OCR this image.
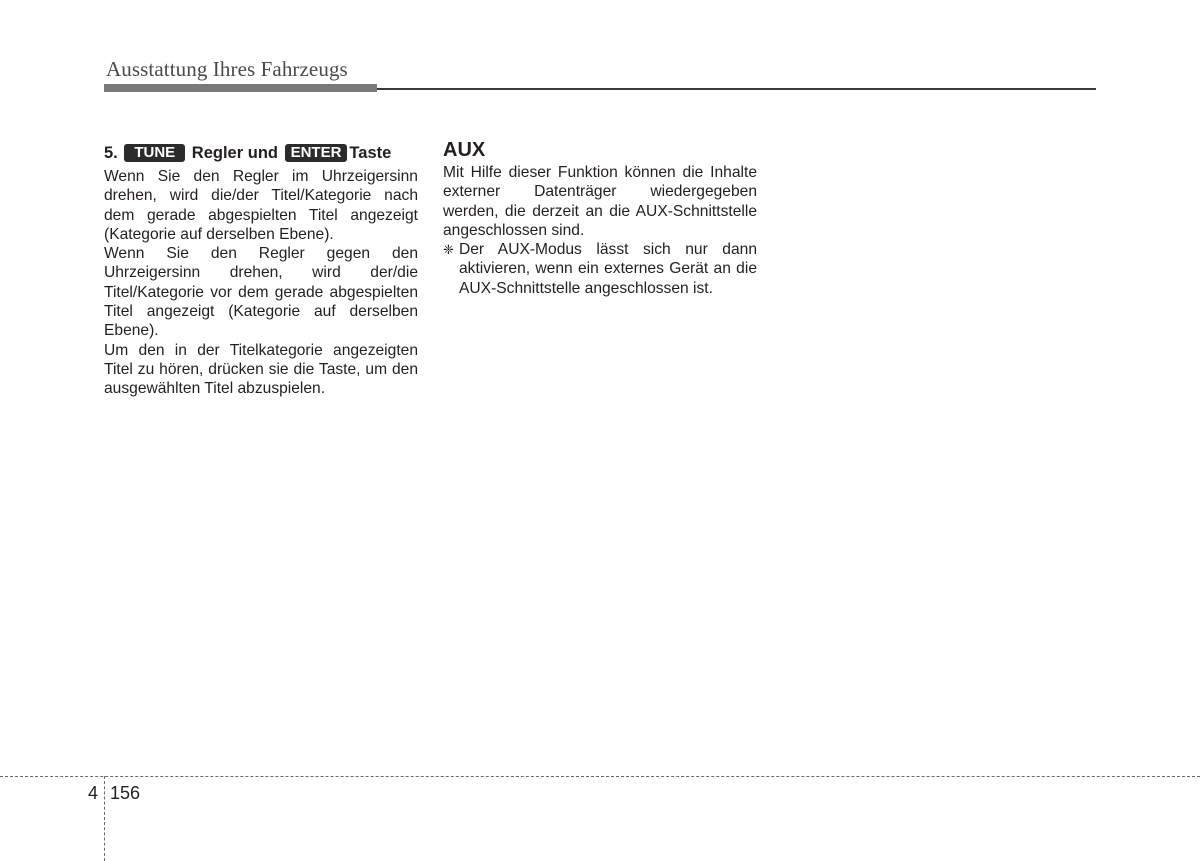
Ausstattung Ihres Fahrzeugs
5. TUNE Regler und ENTER Taste

Wenn Sie den Regler im Uhrzeigersinn drehen, wird die/der Titel/Kategorie nach dem gerade abgespielten Titel angezeigt (Kategorie auf derselben Ebene).

Wenn Sie den Regler gegen den Uhrzeigersinn drehen, wird der/die Titel/Kategorie vor dem gerade abgespielten Titel angezeigt (Kategorie auf derselben Ebene).

Um den in der Titelkategorie angezeigten Titel zu hören, drücken sie die Taste, um den ausgewählten Titel abzuspielen.

AUX

Mit Hilfe dieser Funktion können die Inhalte externer Datenträger wiedergegeben werden, die derzeit an die AUX-Schnittstelle angeschlossen sind.

❈ Der AUX-Modus lässt sich nur dann aktivieren, wenn ein externes Gerät an die AUX-Schnittstelle angeschlossen ist.
4 156
